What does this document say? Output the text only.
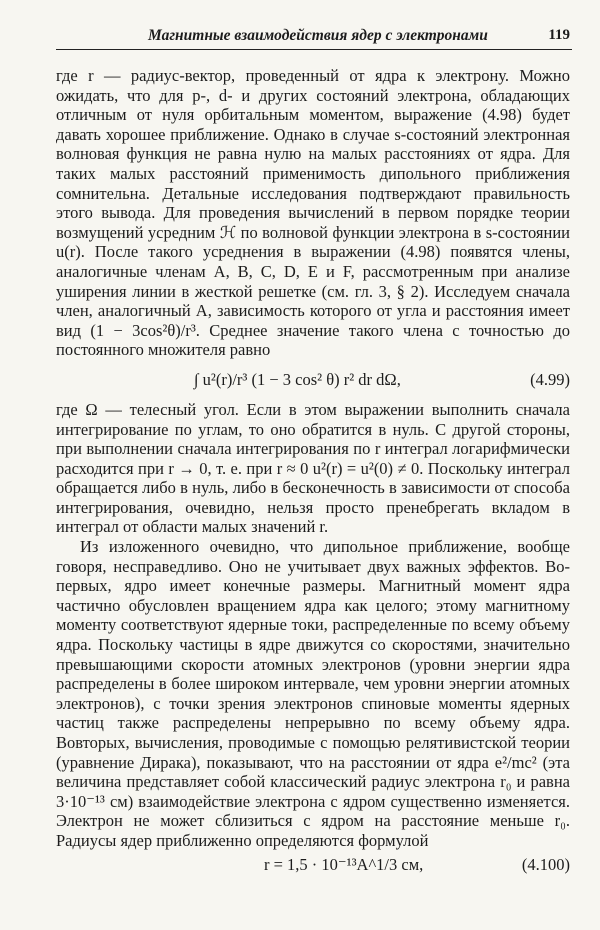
Магнитные взаимодействия ядер с электронами	119

где r — радиус-вектор, проведенный от ядра к электрону. Можно ожидать, что для p-, d- и других состояний электрона, обладающих отличным от нуля орбитальным моментом, выражение (4.98) будет давать хорошее приближение. Однако в случае s-состояний электронная волновая функция не равна нулю на малых расстояниях от ядра. Для таких малых расстояний применимость дипольного приближения сомнительна. Детальные исследования подтверждают правильность этого вывода. Для проведения вычислений в первом порядке теории возмущений усредним ℋ по волновой функции электрона в s-состоянии u(r). После такого усреднения в выражении (4.98) появятся члены, аналогичные членам A, B, C, D, E и F, рассмотренным при анализе уширения линии в жесткой решетке (см. гл. 3, § 2). Исследуем сначала член, аналогичный A, зависимость которого от угла и расстояния имеет вид (1 − 3cos²θ)/r³. Среднее значение такого члена с точностью до постоянного множителя равно

∫ u²(r)/r³ (1 − 3 cos² θ) r² dr dΩ,	(4.99)

где Ω — телесный угол. Если в этом выражении выполнить сначала интегрирование по углам, то оно обратится в нуль. С другой стороны, при выполнении сначала интегрирования по r интеграл логарифмически расходится при r → 0, т. е. при r ≈ 0 u²(r) = u²(0) ≠ 0. Поскольку интеграл обращается либо в нуль, либо в бесконечность в зависимости от способа интегрирования, очевидно, нельзя просто пренебрегать вкладом в интеграл от области малых значений r.

Из изложенного очевидно, что дипольное приближение, вообще говоря, несправедливо. Оно не учитывает двух важных эффектов. Во-первых, ядро имеет конечные размеры. Магнитный момент ядра частично обусловлен вращением ядра как целого; этому магнитному моменту соответствуют ядерные токи, распределенные по всему объему ядра. Поскольку частицы в ядре движутся со скоростями, значительно превышающими скорости атомных электронов (уровни энергии ядра распределены в более широком интервале, чем уровни энергии атомных электронов), с точки зрения электронов спиновые моменты ядерных частиц также распределены непрерывно по всему объему ядра. Вовторых, вычисления, проводимые с помощью релятивистской теории (уравнение Дирака), показывают, что на расстоянии от ядра e²/mc² (эта величина представляет собой классический радиус электрона r₀ и равна 3·10⁻¹³ см) взаимодействие электрона с ядром существенно изменяется. Электрон не может сблизиться с ядром на расстояние меньше r₀. Радиусы ядер приближенно определяются формулой

r = 1,5 · 10⁻¹³A^1/3 см,	(4.100)
